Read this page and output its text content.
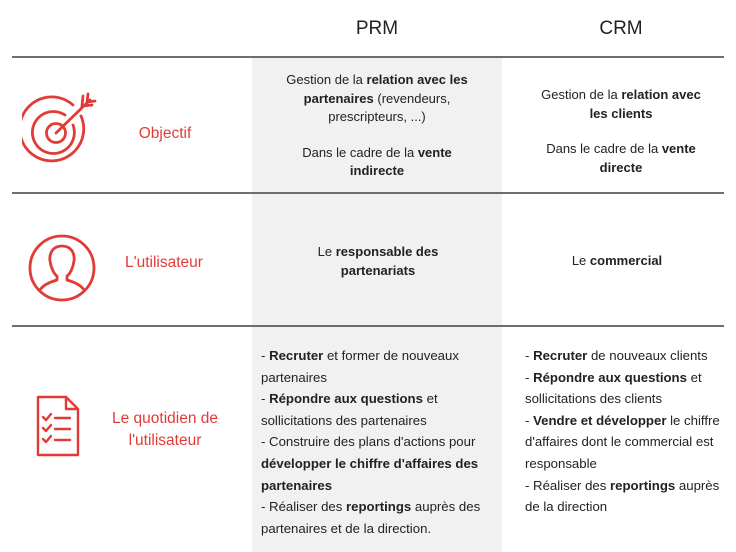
PRM	CRM
Objectif
Gestion de la relation avec les partenaires (revendeurs, prescripteurs, ...)
Dans le cadre de la vente indirecte
Gestion de la relation avec les clients
Dans le cadre de la vente directe
L'utilisateur
Le responsable des partenariats
Le commercial
Le quotidien de l'utilisateur
- Recruter et former de nouveaux partenaires
- Répondre aux questions et sollicitations des partenaires
- Construire des plans d'actions pour développer le chiffre d'affaires des partenaires
- Réaliser des reportings auprès des partenaires et de la direction.
- Recruter de nouveaux clients
- Répondre aux questions et sollicitations des clients
- Vendre et développer le chiffre d'affaires dont le commercial est responsable
- Réaliser des reportings auprès de la direction
